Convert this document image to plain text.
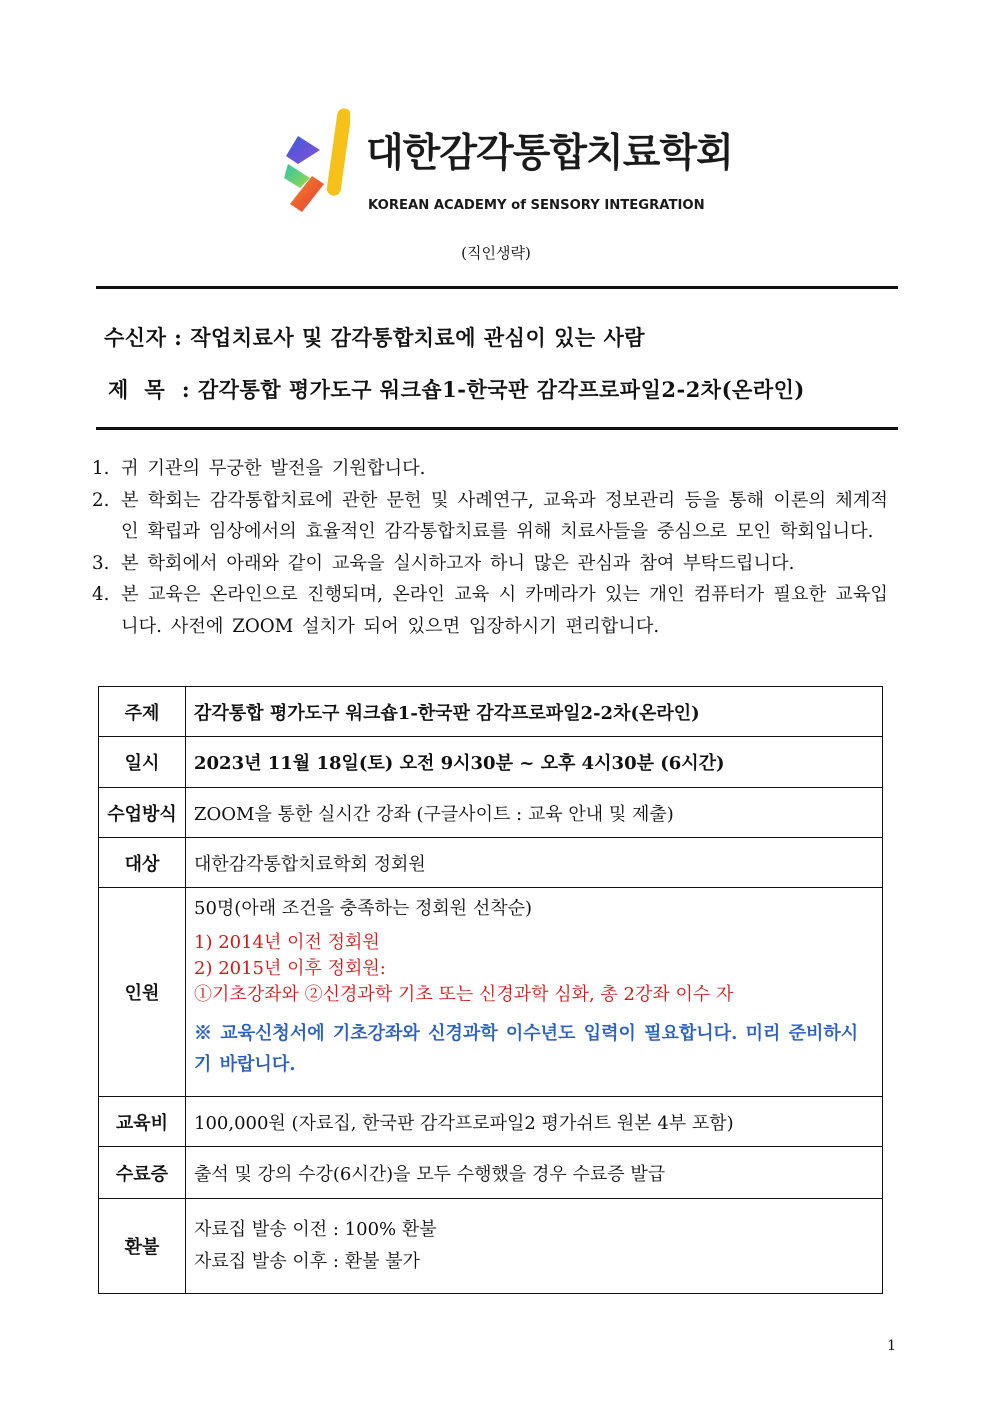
대한감각통합치료학회
KOREAN ACADEMY of SENSORY INTEGRATION
(직인생략)
수신자 : 작업치료사 및 감각통합치료에 관심이 있는 사람
제  목 : 감각통합 평가도구 워크숍1-한국판 감각프로파일2-2차(온라인)
1. 귀 기관의 무궁한 발전을 기원합니다.
2. 본 학회는 감각통합치료에 관한 문헌 및 사례연구, 교육과 정보관리 등을 통해 이론의 체계적인 확립과 임상에서의 효율적인 감각통합치료를 위해 치료사들을 중심으로 모인 학회입니다.
3. 본 학회에서 아래와 같이 교육을 실시하고자 하니 많은 관심과 참여 부탁드립니다.
4. 본 교육은 온라인으로 진행되며, 온라인 교육 시 카메라가 있는 개인 컴퓨터가 필요한 교육입니다. 사전에 ZOOM 설치가 되어 있으면 입장하시기 편리합니다.
주제	감각통합 평가도구 워크숍1-한국판 감각프로파일2-2차(온라인)
일시	2023년 11월 18일(토) 오전 9시30분 ~ 오후 4시30분 (6시간)
수업방식	ZOOM을 통한 실시간 강좌 (구글사이트 : 교육 안내 및 제출)
대상	대한감각통합치료학회 정회원
인원	50명(아래 조건을 충족하는 정회원 선착순)
1) 2014년 이전 정회원
2) 2015년 이후 정회원:
①기초강좌와 ②신경과학 기초 또는 신경과학 심화, 총 2강좌 이수 자
※ 교육신청서에 기초강좌와 신경과학 이수년도 입력이 필요합니다. 미리 준비하시기 바랍니다.

교육비	100,000원 (자료집, 한국판 감각프로파일2 평가쉬트 원본 4부 포함)
수료증	출석 및 강의 수강(6시간)을 모두 수행했을 경우 수료증 발급
환불	자료집 발송 이전 : 100% 환불
자료집 발송 이후 : 환불 불가
1
